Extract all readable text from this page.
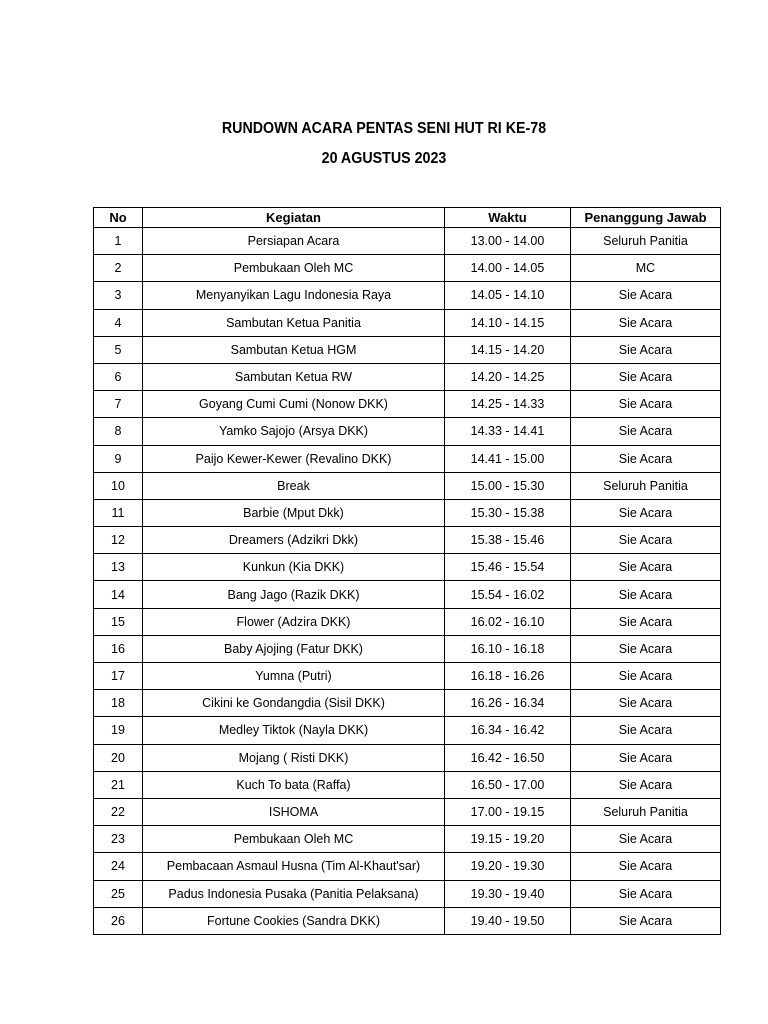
RUNDOWN ACARA PENTAS SENI HUT RI KE-78
20 AGUSTUS 2023
No	Kegiatan	Waktu	Penanggung Jawab
1	Persiapan Acara	13.00 - 14.00	Seluruh Panitia
2	Pembukaan Oleh MC	14.00 - 14.05	MC
3	Menyanyikan Lagu Indonesia Raya	14.05 - 14.10	Sie Acara
4	Sambutan Ketua Panitia	14.10 - 14.15	Sie Acara
5	Sambutan Ketua HGM	14.15 - 14.20	Sie Acara
6	Sambutan Ketua RW	14.20 - 14.25	Sie Acara
7	Goyang Cumi Cumi (Nonow DKK)	14.25 - 14.33	Sie Acara
8	Yamko Sajojo (Arsya DKK)	14.33 - 14.41	Sie Acara
9	Paijo Kewer-Kewer (Revalino DKK)	14.41 - 15.00	Sie Acara
10	Break	15.00 - 15.30	Seluruh Panitia
11	Barbie (Mput Dkk)	15.30 - 15.38	Sie Acara
12	Dreamers (Adzikri Dkk)	15.38 - 15.46	Sie Acara
13	Kunkun (Kia DKK)	15.46 - 15.54	Sie Acara
14	Bang Jago (Razik DKK)	15.54 - 16.02	Sie Acara
15	Flower (Adzira DKK)	16.02 - 16.10	Sie Acara
16	Baby Ajojing (Fatur DKK)	16.10 - 16.18	Sie Acara
17	Yumna (Putri)	16.18 - 16.26	Sie Acara
18	Cikini ke Gondangdia (Sisil DKK)	16.26 - 16.34	Sie Acara
19	Medley Tiktok (Nayla DKK)	16.34 - 16.42	Sie Acara
20	Mojang ( Risti DKK)	16.42 - 16.50	Sie Acara
21	Kuch To bata (Raffa)	16.50 - 17.00	Sie Acara
22	ISHOMA	17.00 - 19.15	Seluruh Panitia
23	Pembukaan Oleh MC	19.15 - 19.20	Sie Acara
24	Pembacaan Asmaul Husna (Tim Al-Khaut'sar)	19.20 - 19.30	Sie Acara
25	Padus Indonesia Pusaka (Panitia Pelaksana)	19.30 - 19.40	Sie Acara
26	Fortune Cookies (Sandra DKK)	19.40 - 19.50	Sie Acara
